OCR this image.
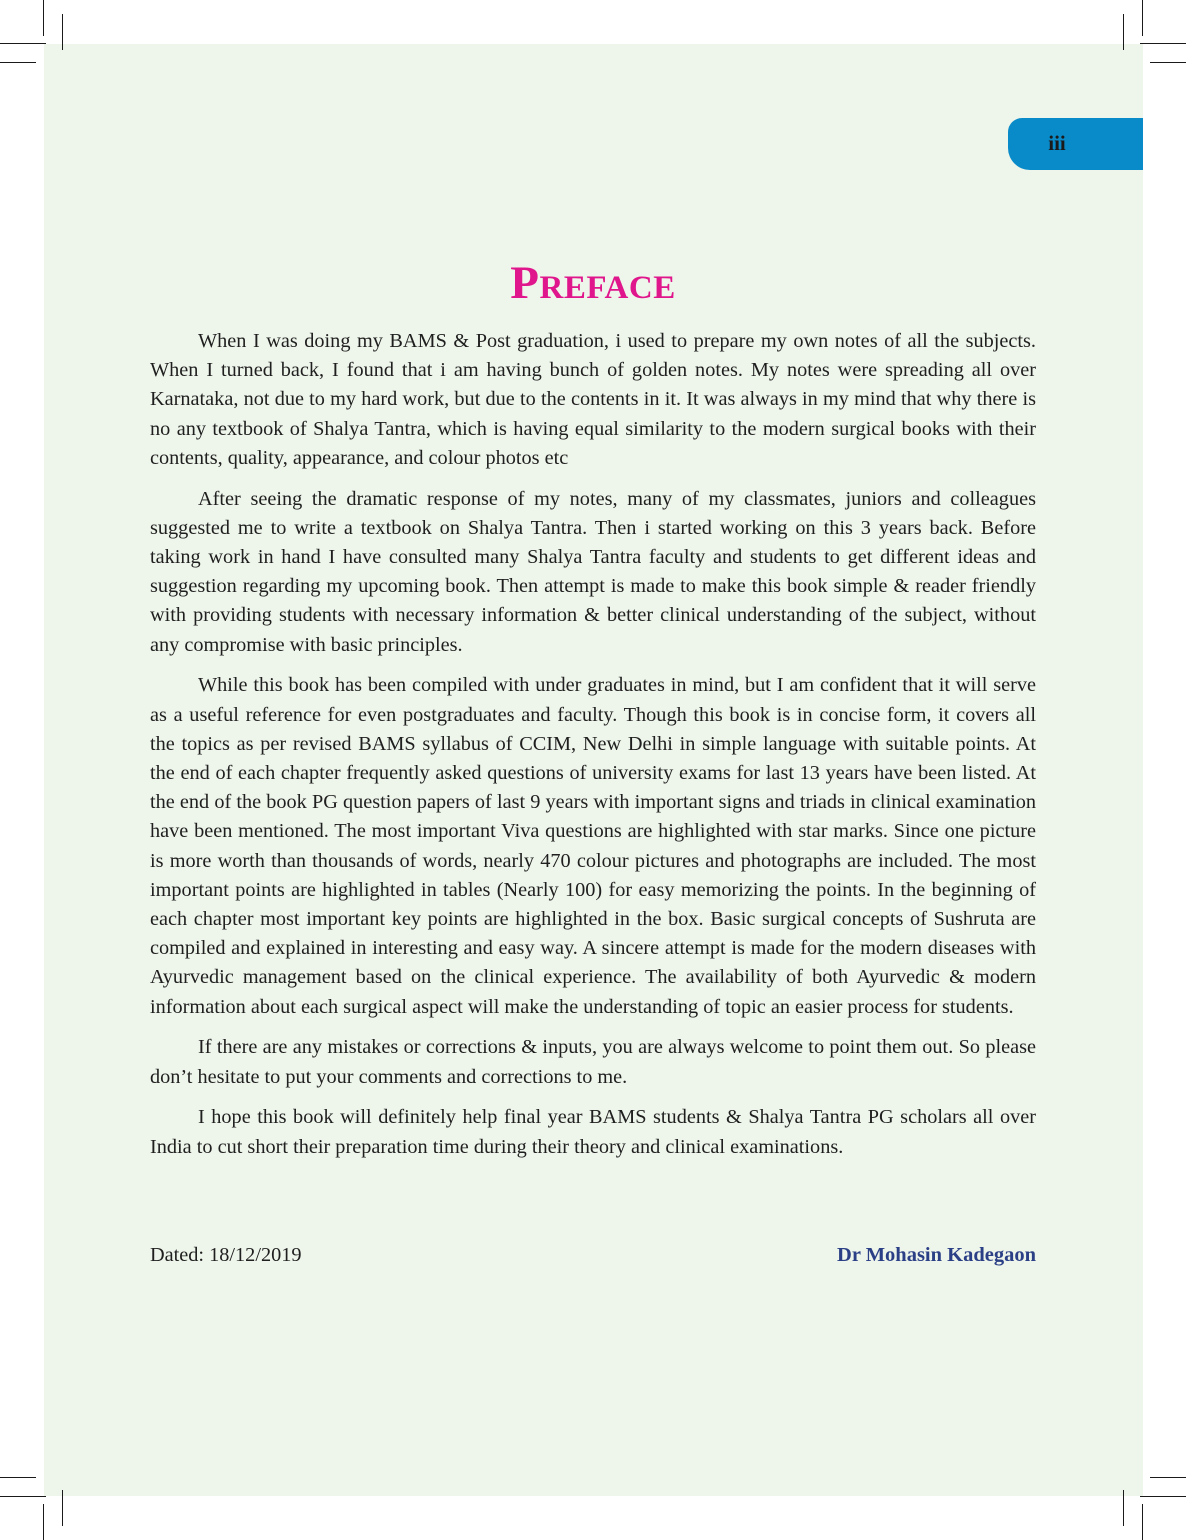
iii
Preface

When I was doing my BAMS & Post graduation, i used to prepare my own notes of all the subjects. When I turned back, I found that i am having bunch of golden notes. My notes were spreading all over Karnataka, not due to my hard work, but due to the contents in it. It was always in my mind that why there is no any textbook of Shalya Tantra, which is having equal similarity to the modern surgical books with their contents, quality, appearance, and colour photos etc

After seeing the dramatic response of my notes, many of my classmates, juniors and colleagues suggested me to write a textbook on Shalya Tantra. Then i started working on this 3 years back. Before taking work in hand I have consulted many Shalya Tantra faculty and students to get different ideas and suggestion regarding my upcoming book. Then attempt is made to make this book simple & reader friendly with providing students with necessary information & better clinical understanding of the subject, without any compromise with basic principles.

While this book has been compiled with under graduates in mind, but I am confident that it will serve as a useful reference for even postgraduates and faculty. Though this book is in concise form, it covers all the topics as per revised BAMS syllabus of CCIM, New Delhi in simple language with suitable points. At the end of each chapter frequently asked questions of university exams for last 13 years have been listed. At the end of the book PG question papers of last 9 years with important signs and triads in clinical examination have been mentioned. The most important Viva questions are highlighted with star marks. Since one picture is more worth than thousands of words, nearly 470 colour pictures and photographs are included. The most important points are highlighted in tables (Nearly 100) for easy memorizing the points. In the beginning of each chapter most important key points are highlighted in the box. Basic surgical concepts of Sushruta are compiled and explained in interesting and easy way. A sincere attempt is made for the modern diseases with Ayurvedic management based on the clinical experience. The availability of both Ayurvedic & modern information about each surgical aspect will make the understanding of topic an easier process for students.

If there are any mistakes or corrections & inputs, you are always welcome to point them out. So please don’t hesitate to put your comments and corrections to me.

I hope this book will definitely help final year BAMS students & Shalya Tantra PG scholars all over India to cut short their preparation time during their theory and clinical examinations.

Dated: 18/12/2019	Dr Mohasin Kadegaon
